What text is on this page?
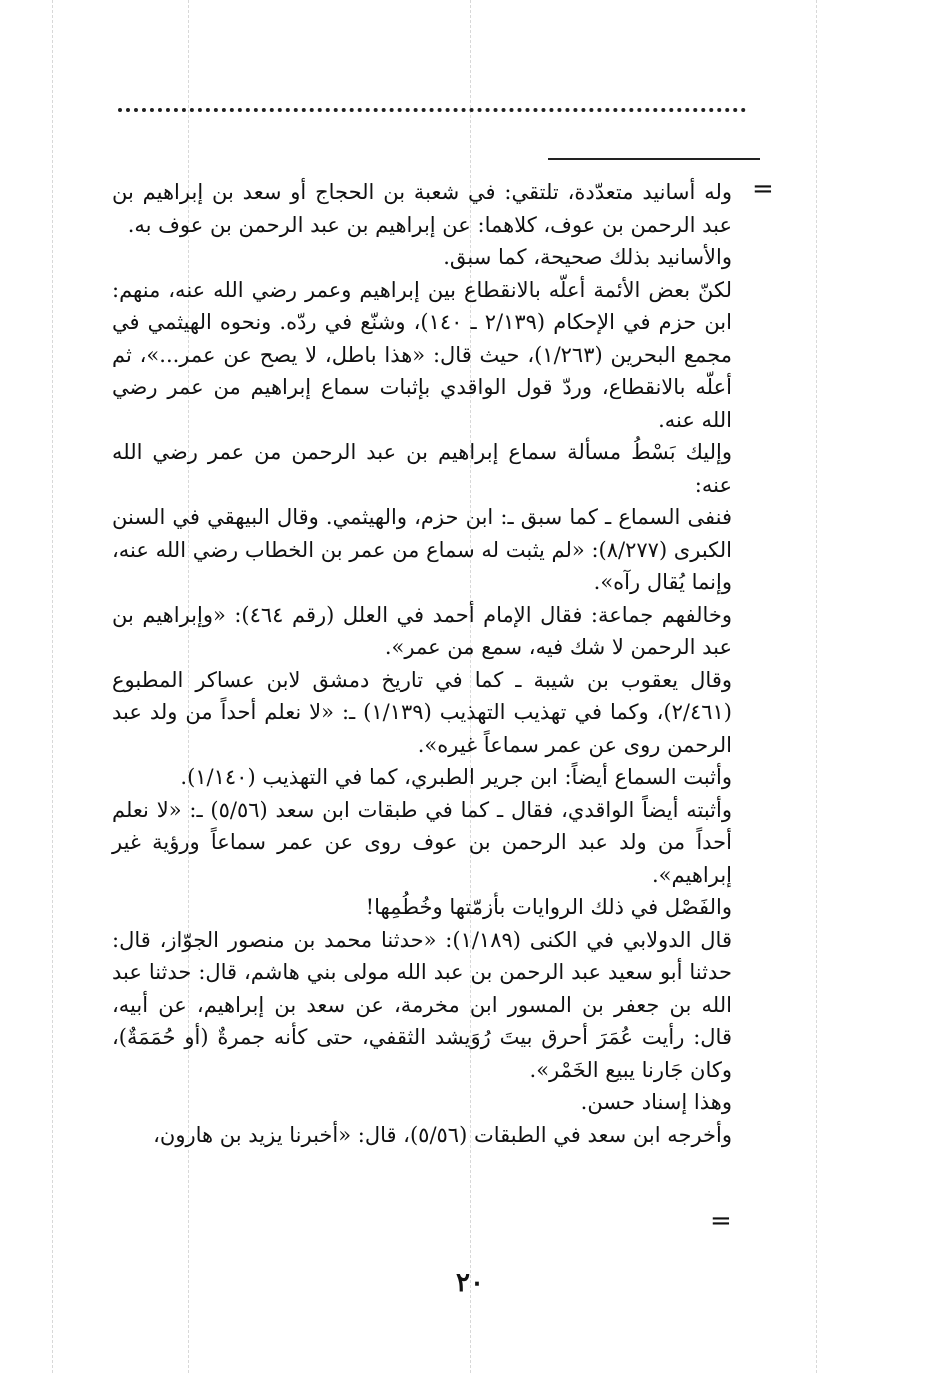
=

وله أسانيد متعدّدة، تلتقي: في شعبة بن الحجاج أو سعد بن إبراهيم بن عبد الرحمن بن عوف، كلاهما: عن إبراهيم بن عبد الرحمن بن عوف به.

والأسانيد بذلك صحيحة، كما سبق.

لكنّ بعض الأئمة أعلّه بالانقطاع بين إبراهيم وعمر رضي الله عنه، منهم: ابن حزم في الإحكام (٢/١٣٩ ـ ١٤٠)، وشنّع في ردّه. ونحوه الهيثمي في مجمع البحرين (١/٢٦٣)، حيث قال: «هذا باطل، لا يصح عن عمر...»، ثم أعلّه بالانقطاع، وردّ قول الواقدي بإثبات سماع إبراهيم من عمر رضي الله عنه.

وإليك بَسْطُ مسألة سماع إبراهيم بن عبد الرحمن من عمر رضي الله عنه:

فنفى السماع ـ كما سبق ـ: ابن حزم، والهيثمي. وقال البيهقي في السنن الكبرى (٨/٢٧٧): «لم يثبت له سماع من عمر بن الخطاب رضي الله عنه، وإنما يُقال رآه».

وخالفهم جماعة: فقال الإمام أحمد في العلل (رقم ٤٦٤): «وإبراهيم بن عبد الرحمن لا شك فيه، سمع من عمر».

وقال يعقوب بن شيبة ـ كما في تاريخ دمشق لابن عساكر المطبوع (٢/٤٦١)، وكما في تهذيب التهذيب (١/١٣٩) ـ: «لا نعلم أحداً من ولد عبد الرحمن روى عن عمر سماعاً غيره».

وأثبت السماع أيضاً: ابن جرير الطبري، كما في التهذيب (١/١٤٠).

وأثبته أيضاً الواقدي، فقال ـ كما في طبقات ابن سعد (٥/٥٦) ـ: «لا نعلم أحداً من ولد عبد الرحمن بن عوف روى عن عمر سماعاً ورؤية غير إبراهيم».

والفَصْل في ذلك الروايات بأزمّتها وخُطُمِها!

قال الدولابي في الكنى (١/١٨٩): «حدثنا محمد بن منصور الجوّاز، قال: حدثنا أبو سعيد عبد الرحمن بن عبد الله مولى بني هاشم، قال: حدثنا عبد الله بن جعفر بن المسور ابن مخرمة، عن سعد بن إبراهيم، عن أبيه، قال: رأيت عُمَرَ أحرق بيتَ رُوَيشد الثقفي، حتى كأنه جمرةٌ (أو حُمَمَةٌ)، وكان جَارنا يبيع الخَمْر».

وهذا إسناد حسن.

وأخرجه ابن سعد في الطبقات (٥/٥٦)، قال: «أخبرنا يزيد بن هارون،

=
٢٠
